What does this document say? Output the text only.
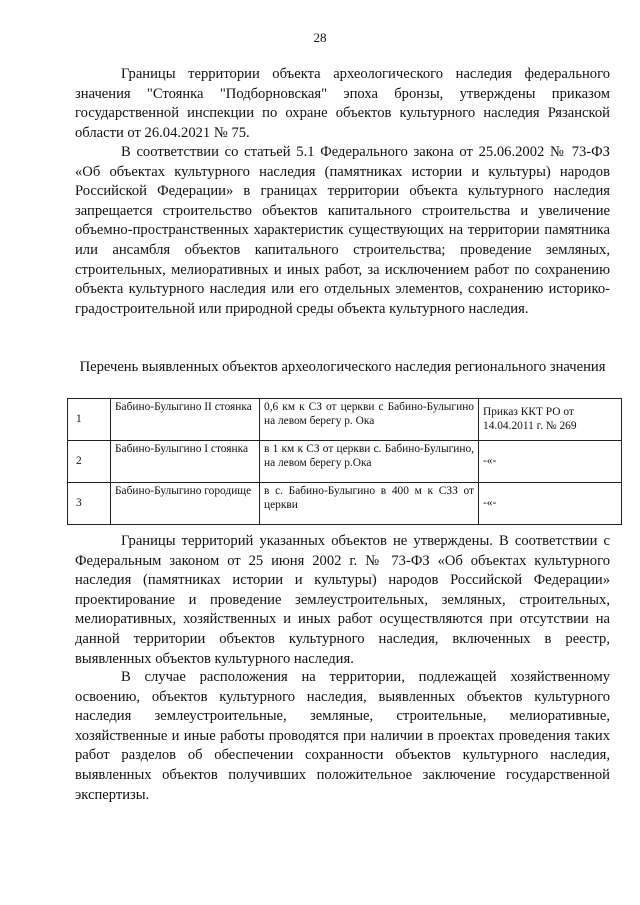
28

Границы территории объекта археологического наследия федерального значения "Стоянка "Подборновская" эпоха бронзы, утверждены приказом государственной инспекции по охране объектов культурного наследия Рязанской области от 26.04.2021 № 75.

В соответствии со статьей 5.1 Федерального закона от 25.06.2002 № 73-ФЗ «Об объектах культурного наследия (памятниках истории и культуры) народов Российской Федерации» в границах территории объекта культурного наследия запрещается строительство объектов капитального строительства и увеличение объемно-пространственных характеристик существующих на территории памятника или ансамбля объектов капитального строительства; проведение земляных, строительных, мелиоративных и иных работ, за исключением работ по сохранению объекта культурного наследия или его отдельных элементов, сохранению историко-градостроительной или природной среды объекта культурного наследия.

Перечень выявленных объектов археологического наследия регионального значения
1	Бабино-Булыгино II стоянка	0,6 км к СЗ от церкви с Бабино-Булыгино на левом берегу р. Ока	Приказ ККТ РО от 14.04.2011 г. № 269
2	Бабино-Булыгино I стоянка	в 1 км к СЗ от церкви с. Бабино-Булыгино, на левом берегу р.Ока	-«-
3	Бабино-Булыгино городище	в с. Бабино-Булыгино в 400 м к СЗЗ от церкви	-«-

Границы территорий указанных объектов не утверждены. В соответствии с Федеральным законом от 25 июня 2002 г. № 73-ФЗ «Об объектах культурного наследия (памятниках истории и культуры) народов Российской Федерации» проектирование и проведение землеустроительных, земляных, строительных, мелиоративных, хозяйственных и иных работ осуществляются при отсутствии на данной территории объектов культурного наследия, включенных в реестр, выявленных объектов культурного наследия.

В случае расположения на территории, подлежащей хозяйственному освоению, объектов культурного наследия, выявленных объектов культурного наследия землеустроительные, земляные, строительные, мелиоративные, хозяйственные и иные работы проводятся при наличии в проектах проведения таких работ разделов об обеспечении сохранности объектов культурного наследия, выявленных объектов получивших положительное заключение государственной экспертизы.
